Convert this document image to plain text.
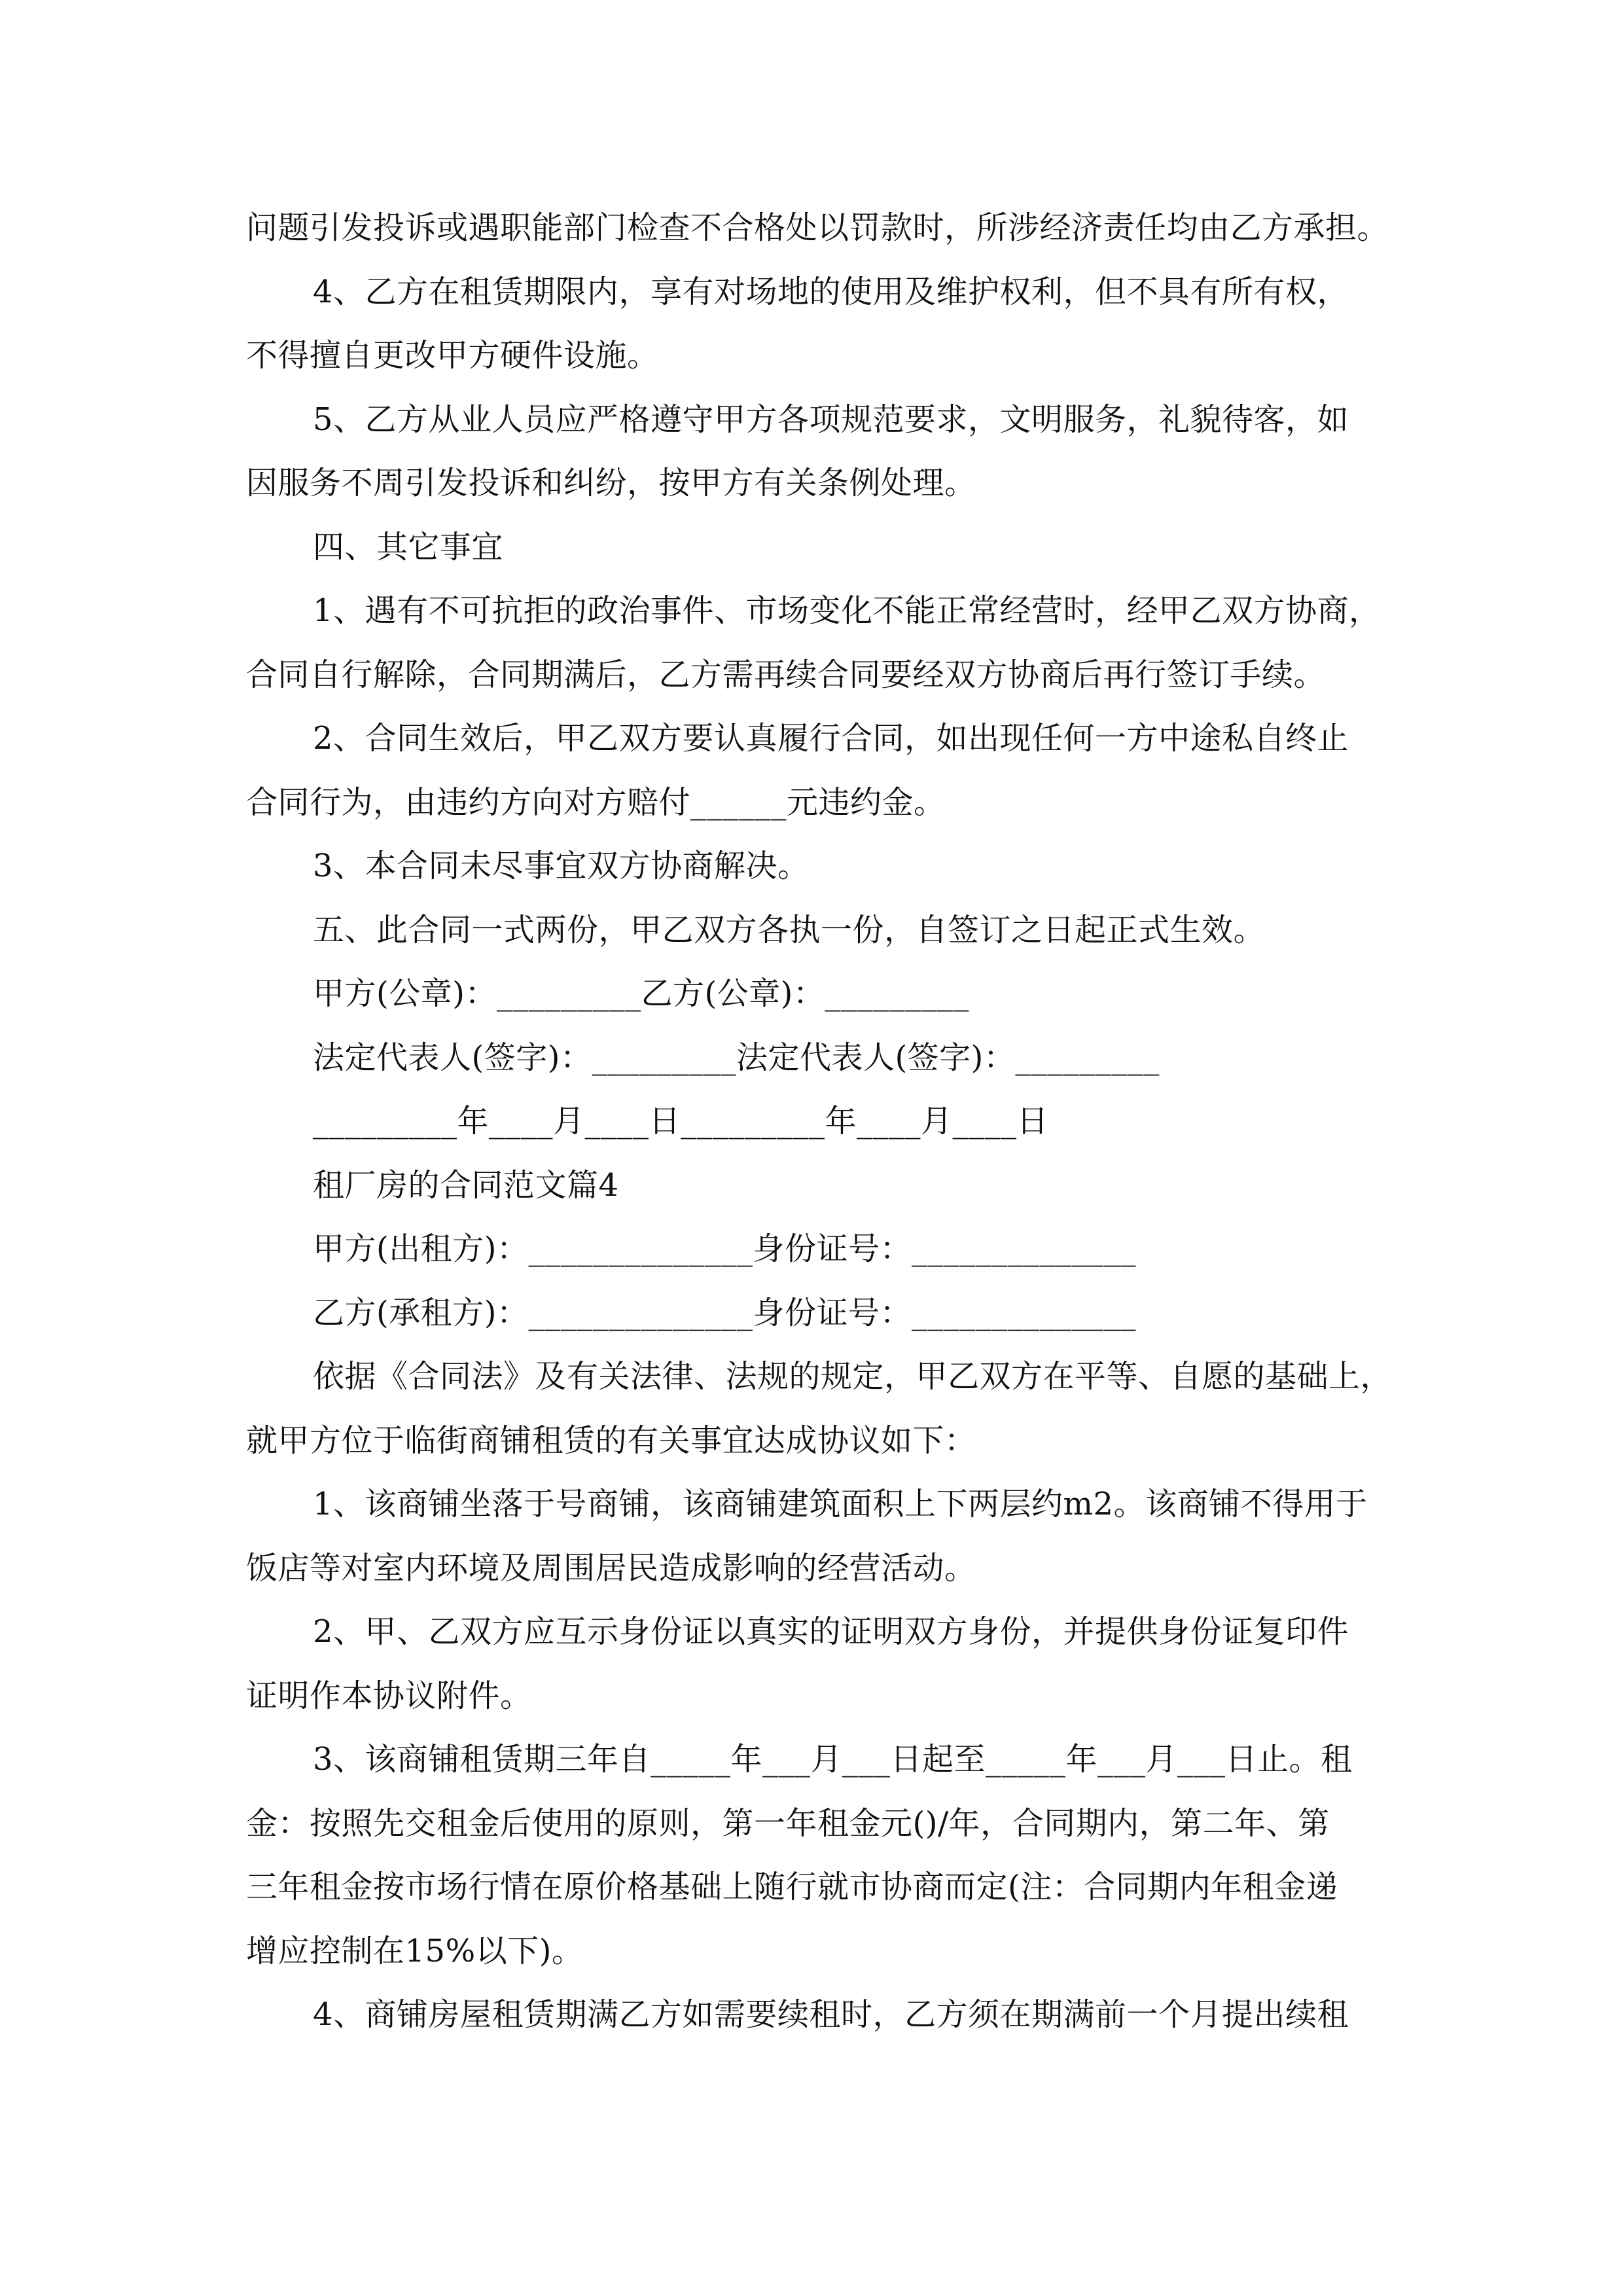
问题引发投诉或遇职能部门检查不合格处以罚款时，所涉经济责任均由乙方承担。
4、乙方在租赁期限内，享有对场地的使用及维护权利，但不具有所有权，
不得擅自更改甲方硬件设施。
5、乙方从业人员应严格遵守甲方各项规范要求，文明服务，礼貌待客，如
因服务不周引发投诉和纠纷，按甲方有关条例处理。
四、其它事宜
1、遇有不可抗拒的政治事件、市场变化不能正常经营时，经甲乙双方协商，
合同自行解除，合同期满后，乙方需再续合同要经双方协商后再行签订手续。
2、合同生效后，甲乙双方要认真履行合同，如出现任何一方中途私自终止
合同行为，由违约方向对方赔付______元违约金。
3、本合同未尽事宜双方协商解决。
五、此合同一式两份，甲乙双方各执一份，自签订之日起正式生效。
甲方(公章)：_________乙方(公章)：_________
法定代表人(签字)：_________法定代表人(签字)：_________
_________年____月____日_________年____月____日
租厂房的合同范文篇4
甲方(出租方)：______________身份证号：______________
乙方(承租方)：______________身份证号：______________
依据《合同法》及有关法律、法规的规定，甲乙双方在平等、自愿的基础上，
就甲方位于临街商铺租赁的有关事宜达成协议如下：
1、该商铺坐落于号商铺，该商铺建筑面积上下两层约m2。该商铺不得用于
饭店等对室内环境及周围居民造成影响的经营活动。
2、甲、乙双方应互示身份证以真实的证明双方身份，并提供身份证复印件
证明作本协议附件。
3、该商铺租赁期三年自_____年___月___日起至_____年___月___日止。租
金：按照先交租金后使用的原则，第一年租金元()/年，合同期内，第二年、第
三年租金按市场行情在原价格基础上随行就市协商而定(注：合同期内年租金递
增应控制在15%以下)。
4、商铺房屋租赁期满乙方如需要续租时，乙方须在期满前一个月提出续租
